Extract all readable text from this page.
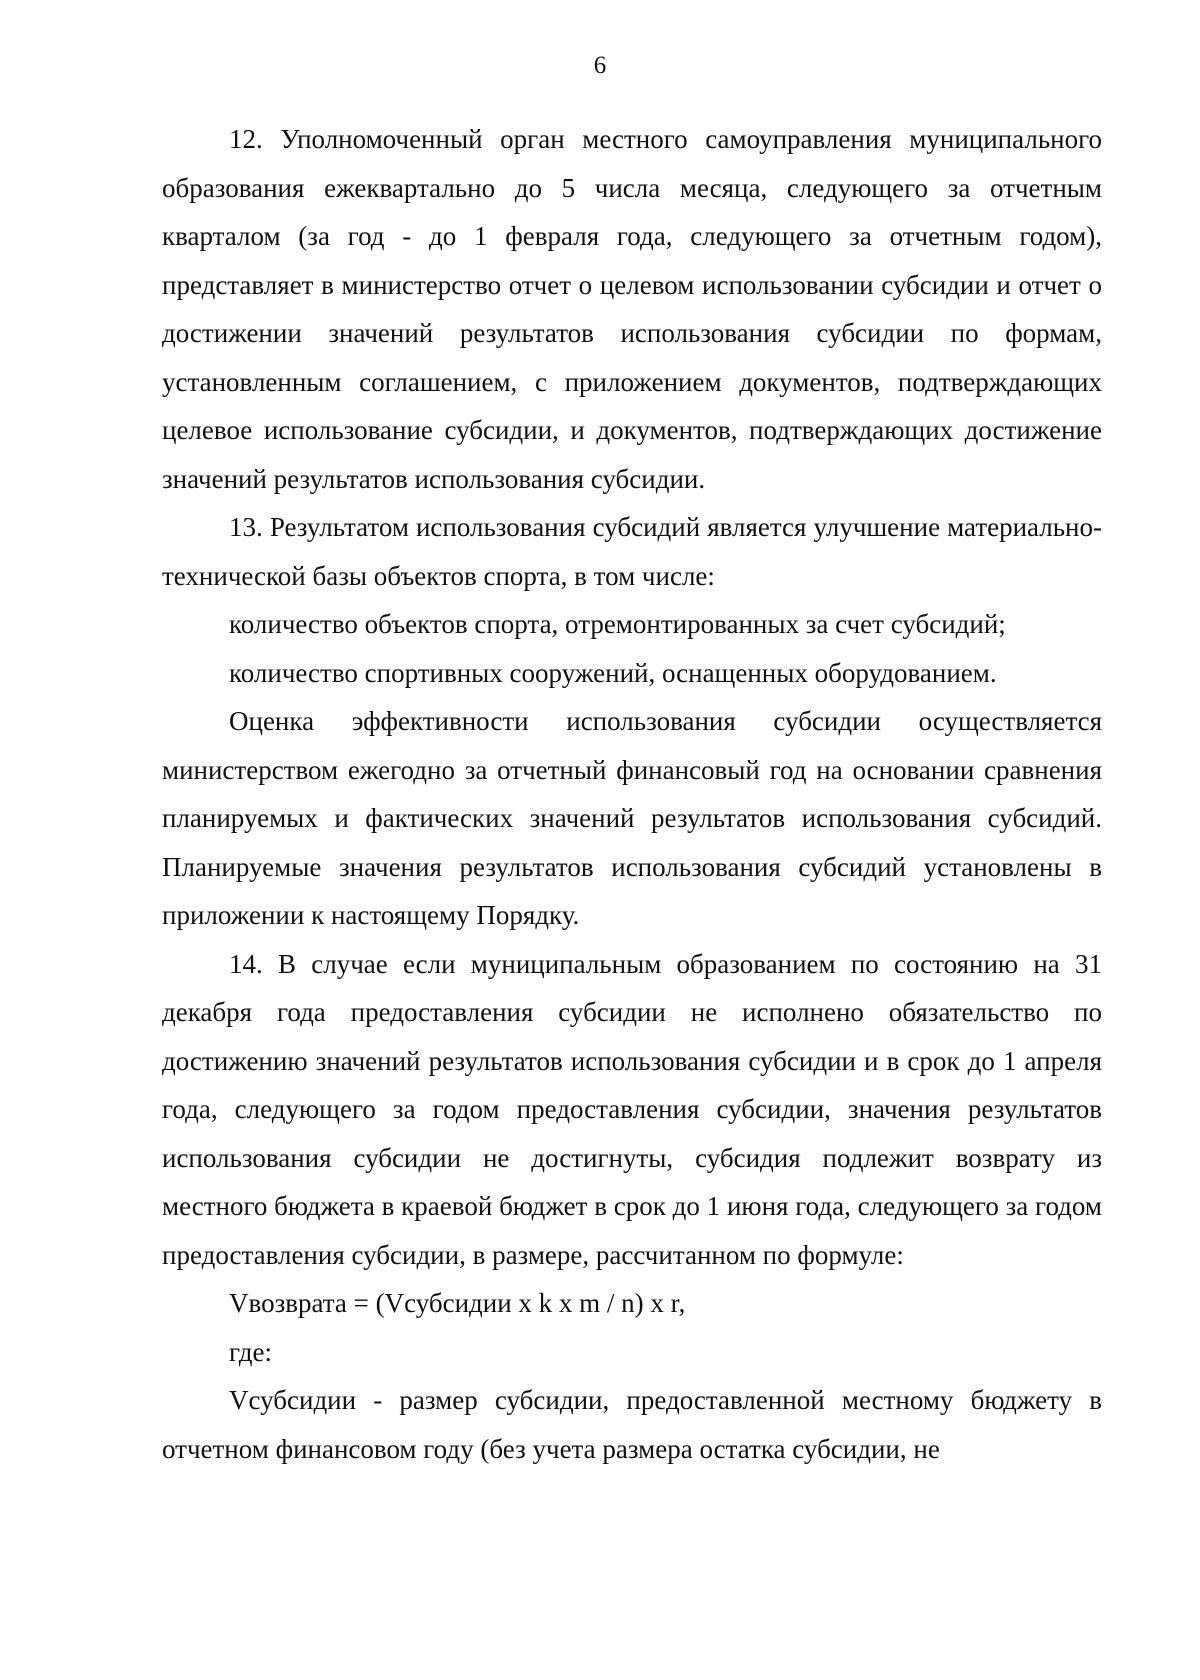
6

12. Уполномоченный орган местного самоуправления муниципального образования ежеквартально до 5 числа месяца, следующего за отчетным кварталом (за год - до 1 февраля года, следующего за отчетным годом), представляет в министерство отчет о целевом использовании субсидии и отчет о достижении значений результатов использования субсидии по формам, установленным соглашением, с приложением документов, подтверждающих целевое использование субсидии, и документов, подтверждающих достижение значений результатов использования субсидии.

13. Результатом использования субсидий является улучшение материально-технической базы объектов спорта, в том числе:

количество объектов спорта, отремонтированных за счет субсидий;

количество спортивных сооружений, оснащенных оборудованием.

Оценка эффективности использования субсидии осуществляется министерством ежегодно за отчетный финансовый год на основании сравнения планируемых и фактических значений результатов использования субсидий. Планируемые значения результатов использования субсидий установлены в приложении к настоящему Порядку.

14. В случае если муниципальным образованием по состоянию на 31 декабря года предоставления субсидии не исполнено обязательство по достижению значений результатов использования субсидии и в срок до 1 апреля года, следующего за годом предоставления субсидии, значения результатов использования субсидии не достигнуты, субсидия подлежит возврату из местного бюджета в краевой бюджет в срок до 1 июня года, следующего за годом предоставления субсидии, в размере, рассчитанном по формуле:

Vвозврата = (Vсубсидии x k x m / n) x r,

где:

Vсубсидии - размер субсидии, предоставленной местному бюджету в отчетном финансовом году (без учета размера остатка субсидии, не
